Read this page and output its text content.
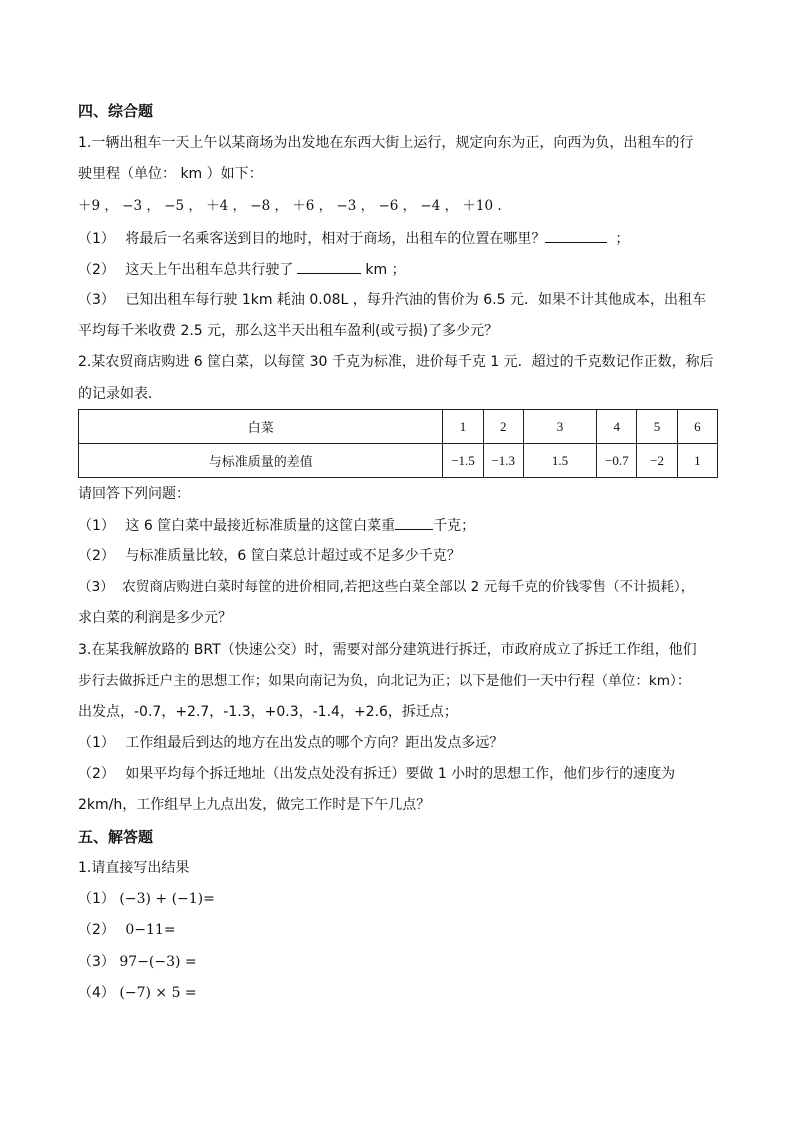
四、综合题
1.一辆出租车一天上午以某商场为出发地在东西大街上运行，规定向东为正，向西为负，出租车的行
驶里程（单位： km ）如下：
＋9 ， −3 ， −5 ， ＋4 ， −8 ， ＋6 ， −3 ， −6 ， −4 ， ＋10 .
（1） 将最后一名乘客送到目的地时，相对于商场，出租车的位置在哪里？	；
（2） 这天上午出租车总共行驶了	km ；
（3） 已知出租车每行驶 1km 耗油 0.08L ，每升汽油的售价为 6.5 元．如果不计其他成本，出租车
平均每千米收费 2.5 元，那么这半天出租车盈利(或亏损)了多少元？
2.某农贸商店购进 6 筐白菜，以每筐 30 千克为标准，进价每千克 1 元．超过的千克数记作正数，称后
的记录如表．
白菜	1	2	3	4	5	6
与标准质量的差值	−1.5	−1.3	1.5	−0.7	−2	1
请回答下列问题：
（1） 这 6 筐白菜中最接近标准质量的这筐白菜重	千克；
（2） 与标准质量比较，6 筐白菜总计超过或不足多少千克？
（3） 农贸商店购进白菜时每筐的进价相同,若把这些白菜全部以 2 元每千克的价钱零售（不计损耗），
求白菜的利润是多少元？
3.在某我解放路的 BRT（快速公交）时，需要对部分建筑进行拆迁，市政府成立了拆迁工作组，他们
步行去做拆迁户主的思想工作；如果向南记为负，向北记为正；以下是他们一天中行程（单位：km）：
出发点，-0.7，+2.7，-1.3，+0.3，-1.4，+2.6，拆迁点；
（1） 工作组最后到达的地方在出发点的哪个方向？距出发点多远？
（2） 如果平均每个拆迁地址（出发点处没有拆迁）要做 1 小时的思想工作，他们步行的速度为
2km/h，工作组早上九点出发，做完工作时是下午几点？
五、解答题
1.请直接写出结果
（1） (−3) + (−1)=
（2） 0−11=
（3） 97−(−3) =
（4） (−7) × 5 =
